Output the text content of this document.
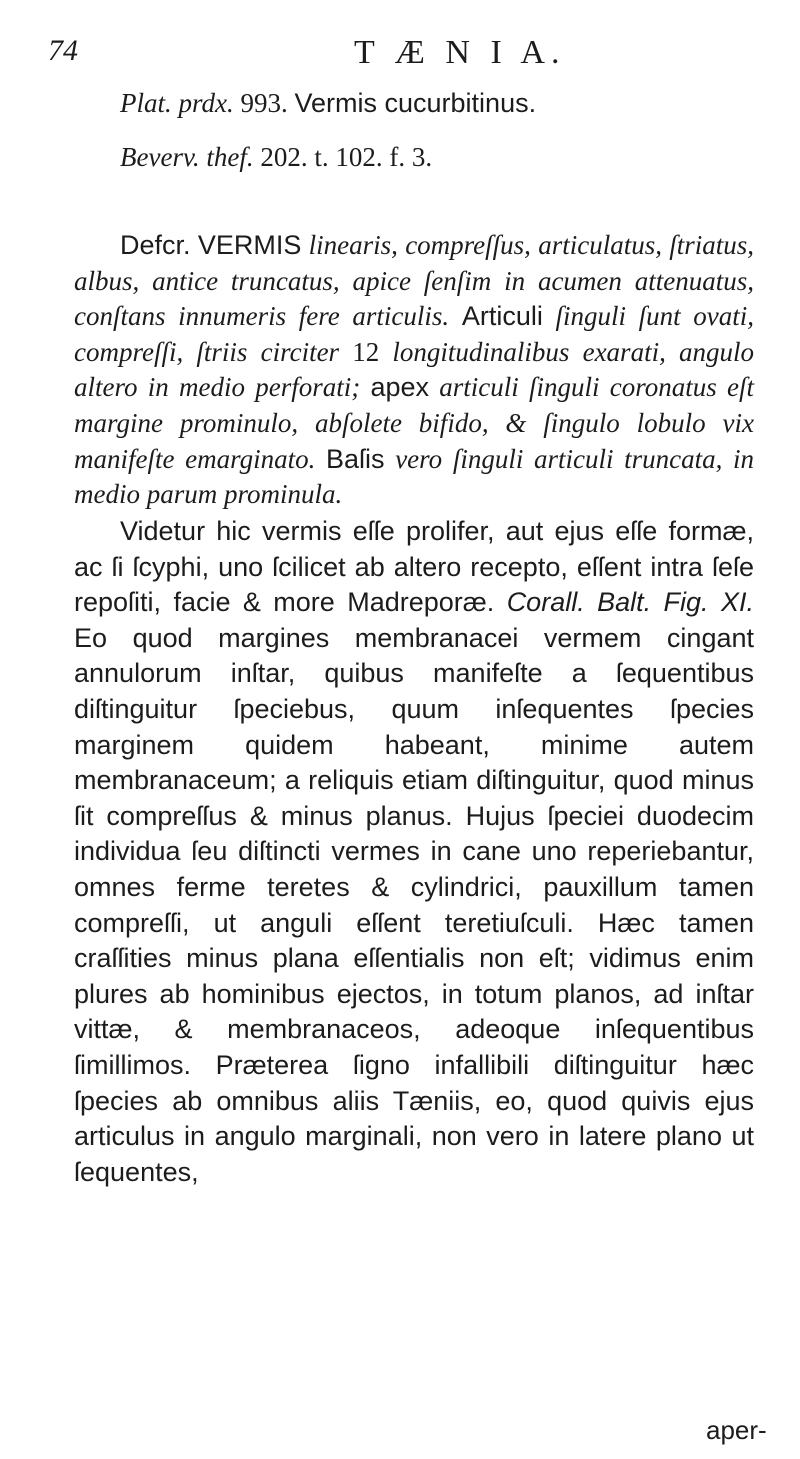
74	T Æ N I A.
Plat. prdx. 993. Vermis cucurbitinus.
Beverv. thef. 202. t. 102. f. 3.
Defcr. VERMIS linearis, compreſſus, articulatus, ſtriatus, albus, antice truncatus, apice ſenſim in acumen attenuatus, conſtans innumeris fere articulis. Articuli ſinguli ſunt ovati, compreſſi, ſtriis circiter 12 longitudinalibus exarati, angulo altero in medio perforati; apex articuli ſinguli coronatus eſt margine prominulo, abſolete bifido, & ſingulo lobulo vix manifeſte emarginato. Baſis vero ſinguli articuli truncata, in medio parum prominula.
Videtur hic vermis eſſe prolifer, aut ejus eſſe formæ, ac ſi ſcyphi, uno ſcilicet ab altero recepto, eſſent intra ſeſe repoſiti, facie & more Madreporæ. Corall. Balt. Fig. XI. Eo quod margines membranacei vermem cingant annulorum inſtar, quibus manifeſte a ſequentibus diſtinguitur ſpeciebus, quum inſequentes ſpecies marginem quidem habeant, minime autem membranaceum; a reliquis etiam diſtinguitur, quod minus ſit compreſſus & minus planus. Hujus ſpeciei duodecim individua ſeu diſtincti vermes in cane uno reperiebantur, omnes ferme teretes & cylindrici, pauxillum tamen compreſſi, ut anguli eſſent teretiuſculi. Hæc tamen craſſities minus plana eſſentialis non eſt; vidimus enim plures ab hominibus ejectos, in totum planos, ad inſtar vittæ, & membranaceos, adeoque inſequentibus ſimillimos. Præterea ſigno infallibili diſtinguitur hæc ſpecies ab omnibus aliis Tæniis, eo, quod quivis ejus articulus in angulo marginali, non vero in latere plano ut ſequentes,
aper-
